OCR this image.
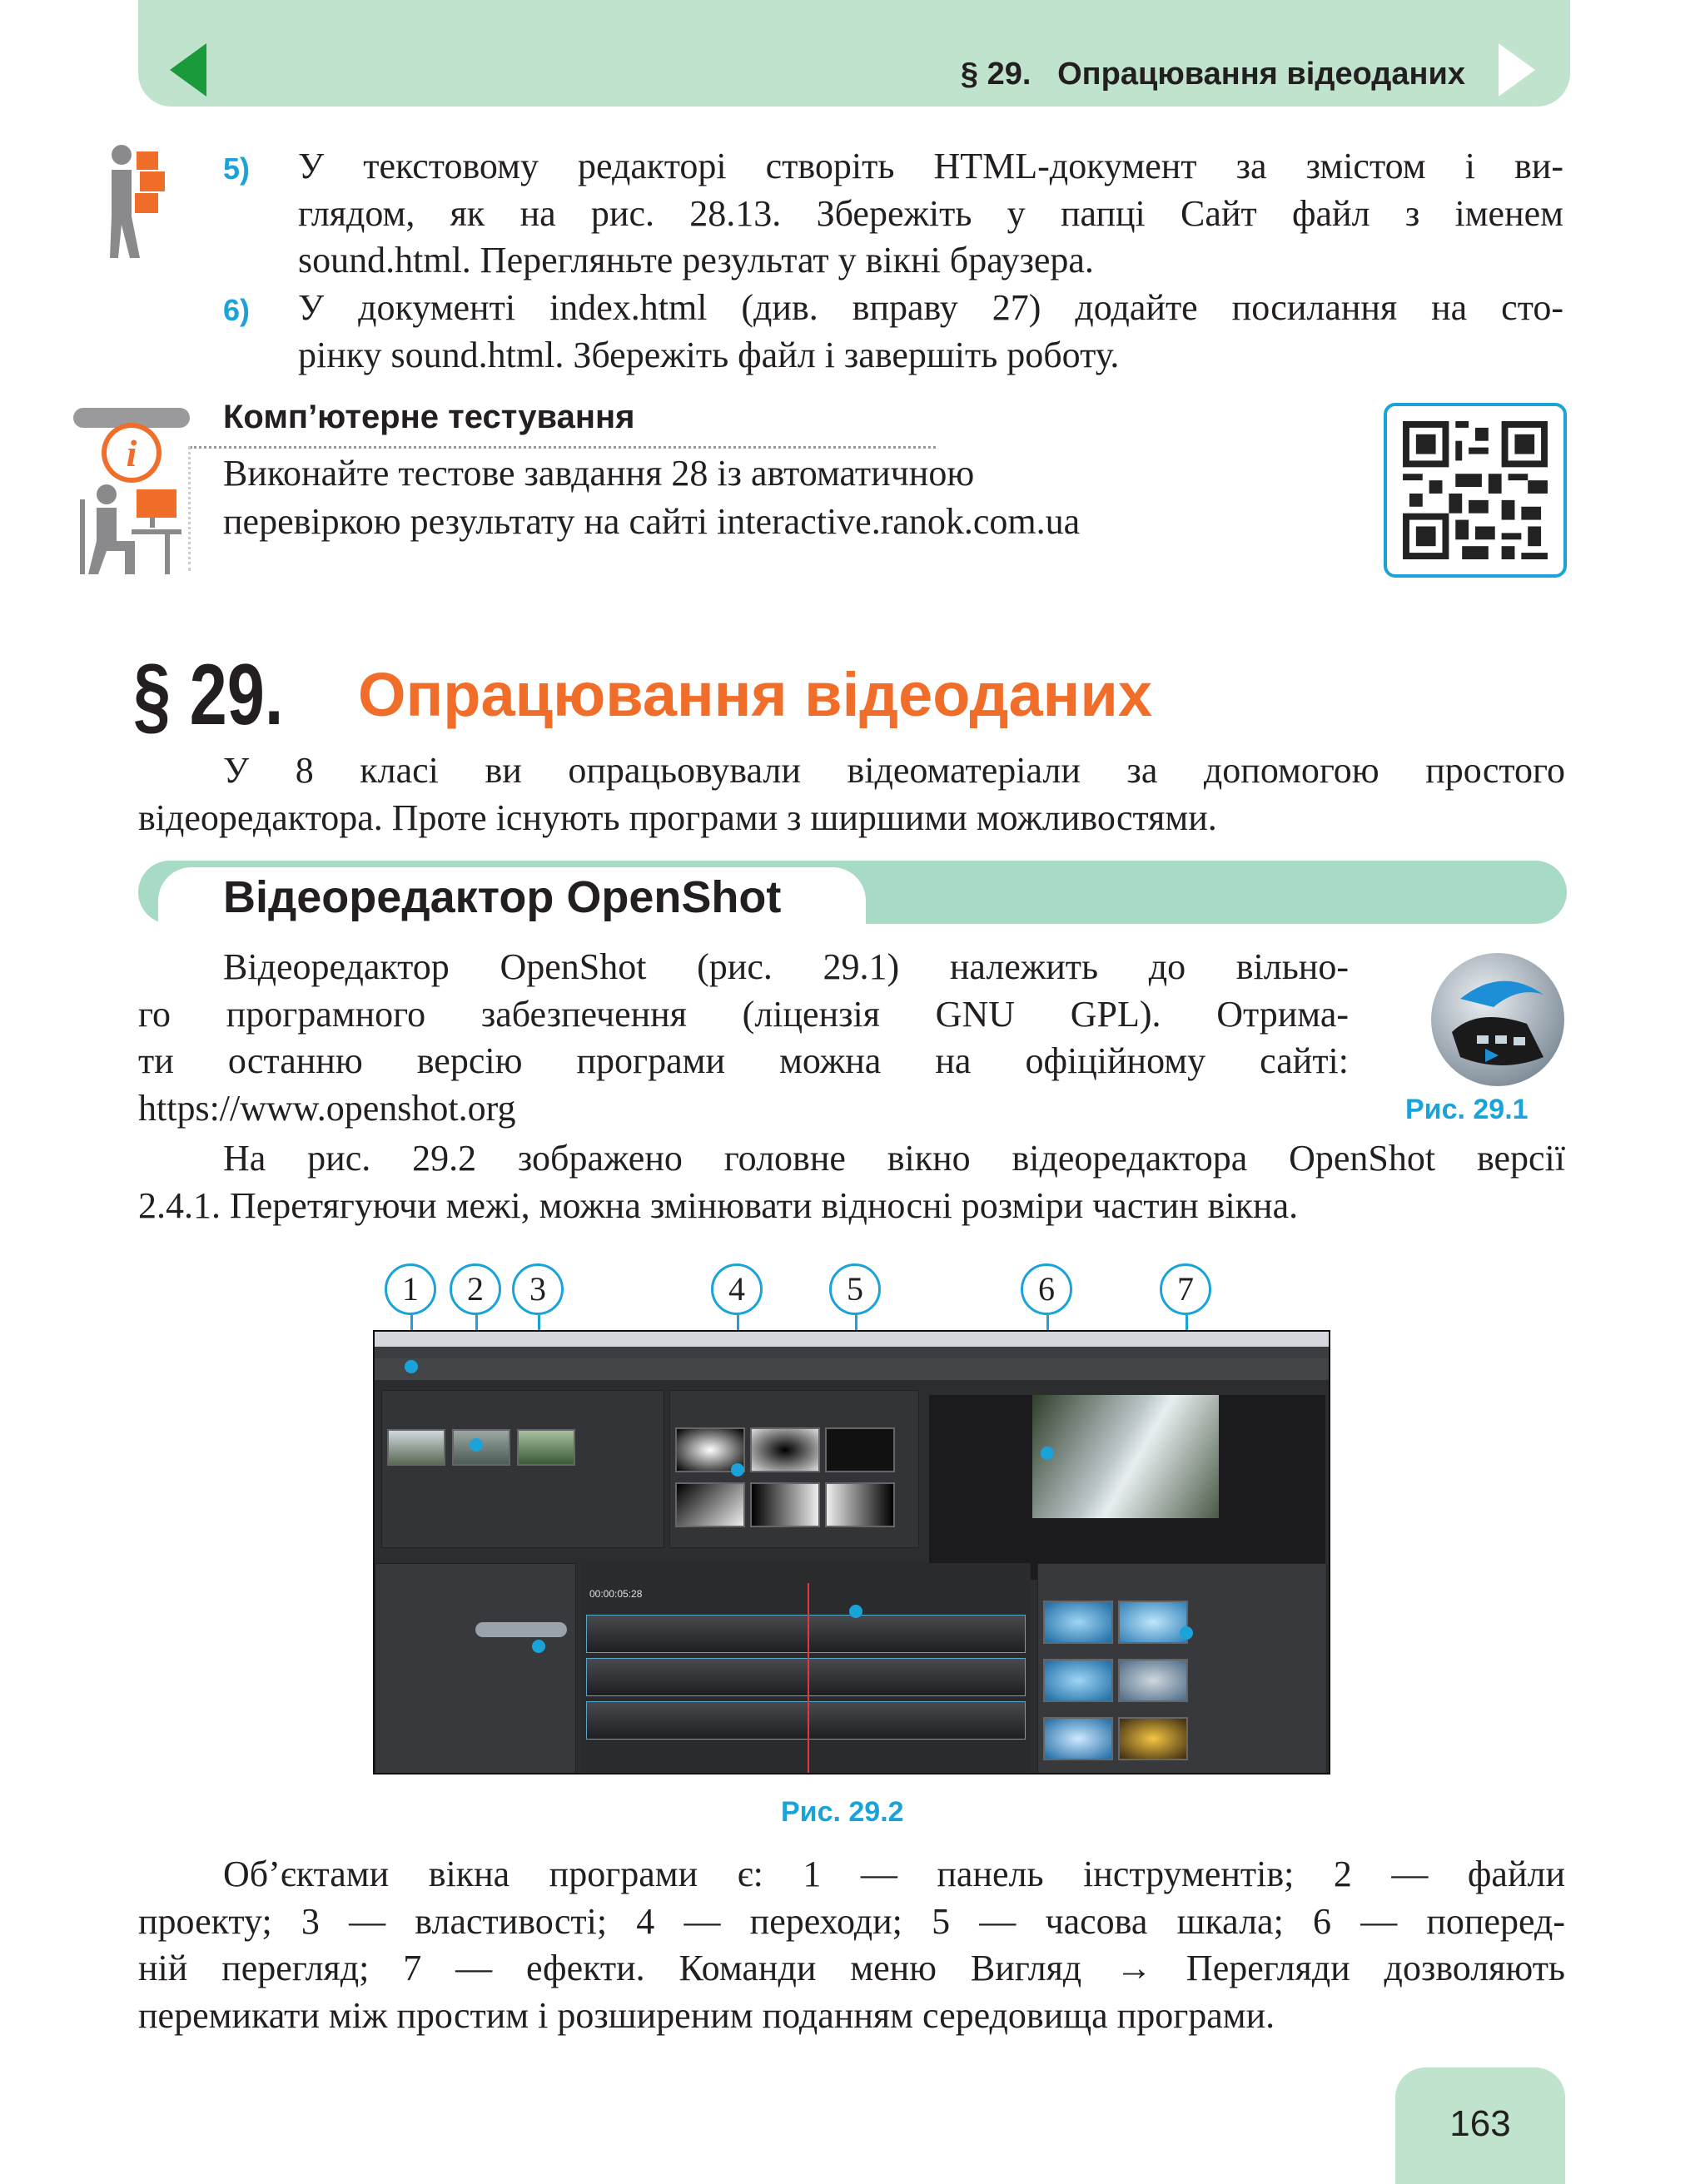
§ 29. Опрацювання відеоданих
5) У текстовому редакторі створіть HTML-документ за змістом і ви-
глядом, як на рис. 28.13. Збережіть у папці Сайт файл з іменем
sound.html. Перегляньте результат у вікні браузера.
6) У документі index.html (див. вправу 27) додайте посилання на сто-
рінку sound.html. Збережіть файл і завершіть роботу.
i
Комп’ютерне тестування
Виконайте тестове завдання 28 із автоматичною
перевіркою результату на сайті interactive.ranok.com.ua
§ 29. Опрацювання відеоданих
У 8 класі ви опрацьовували відеоматеріали за допомогою простого
відеоредактора. Проте існують програми з ширшими можливостями.
Відеоредактор OpenShot
Відеоредактор OpenShot (рис. 29.1) належить до вільно-
го програмного забезпечення (ліцензія GNU GPL). Отрима-
ти останню версію програми можна на офіційному сайті:
https://www.openshot.org	Рис. 29.1
На рис. 29.2 зображено головне вікно відеоредактора OpenShot версії
2.4.1. Перетягуючи межі, можна змінювати відносні розміри частин вікна.
1	2	3	4	5	6	7
00:00:05:28
Рис. 29.2
Об’єктами вікна програми є: 1 — панель інструментів; 2 — файли
проекту; 3 — властивості; 4 — переходи; 5 — часова шкала; 6 — поперед-
ній перегляд; 7 — ефекти. Команди меню Вигляд → Перегляди дозволяють
перемикати між простим і розширеним поданням середовища програми.
163
